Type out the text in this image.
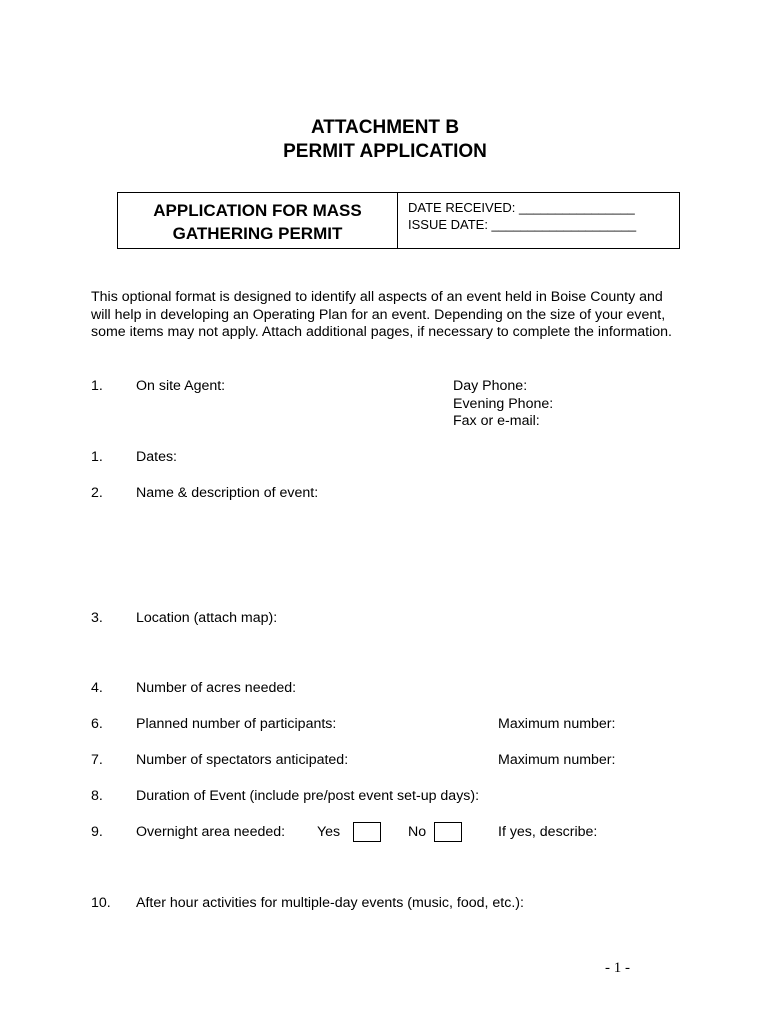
ATTACHMENT B
PERMIT APPLICATION
APPLICATION FOR MASS
GATHERING PERMIT
DATE RECEIVED: ________________
ISSUE DATE: ____________________
This optional format is designed to identify all aspects of an event held in Boise County and will help in developing an Operating Plan for an event. Depending on the size of your event, some items may not apply. Attach additional pages, if necessary to complete the information.
1. On site Agent:	Day Phone:
Evening Phone:
Fax or e-mail:
1. Dates:
2. Name & description of event:
3. Location (attach map):
4. Number of acres needed:
6. Planned number of participants:	Maximum number:
7. Number of spectators anticipated:	Maximum number:
8. Duration of Event (include pre/post event set-up days):
9. Overnight area needed: Yes	No	If yes, describe:
10. After hour activities for multiple-day events (music, food, etc.):
- 1 -
